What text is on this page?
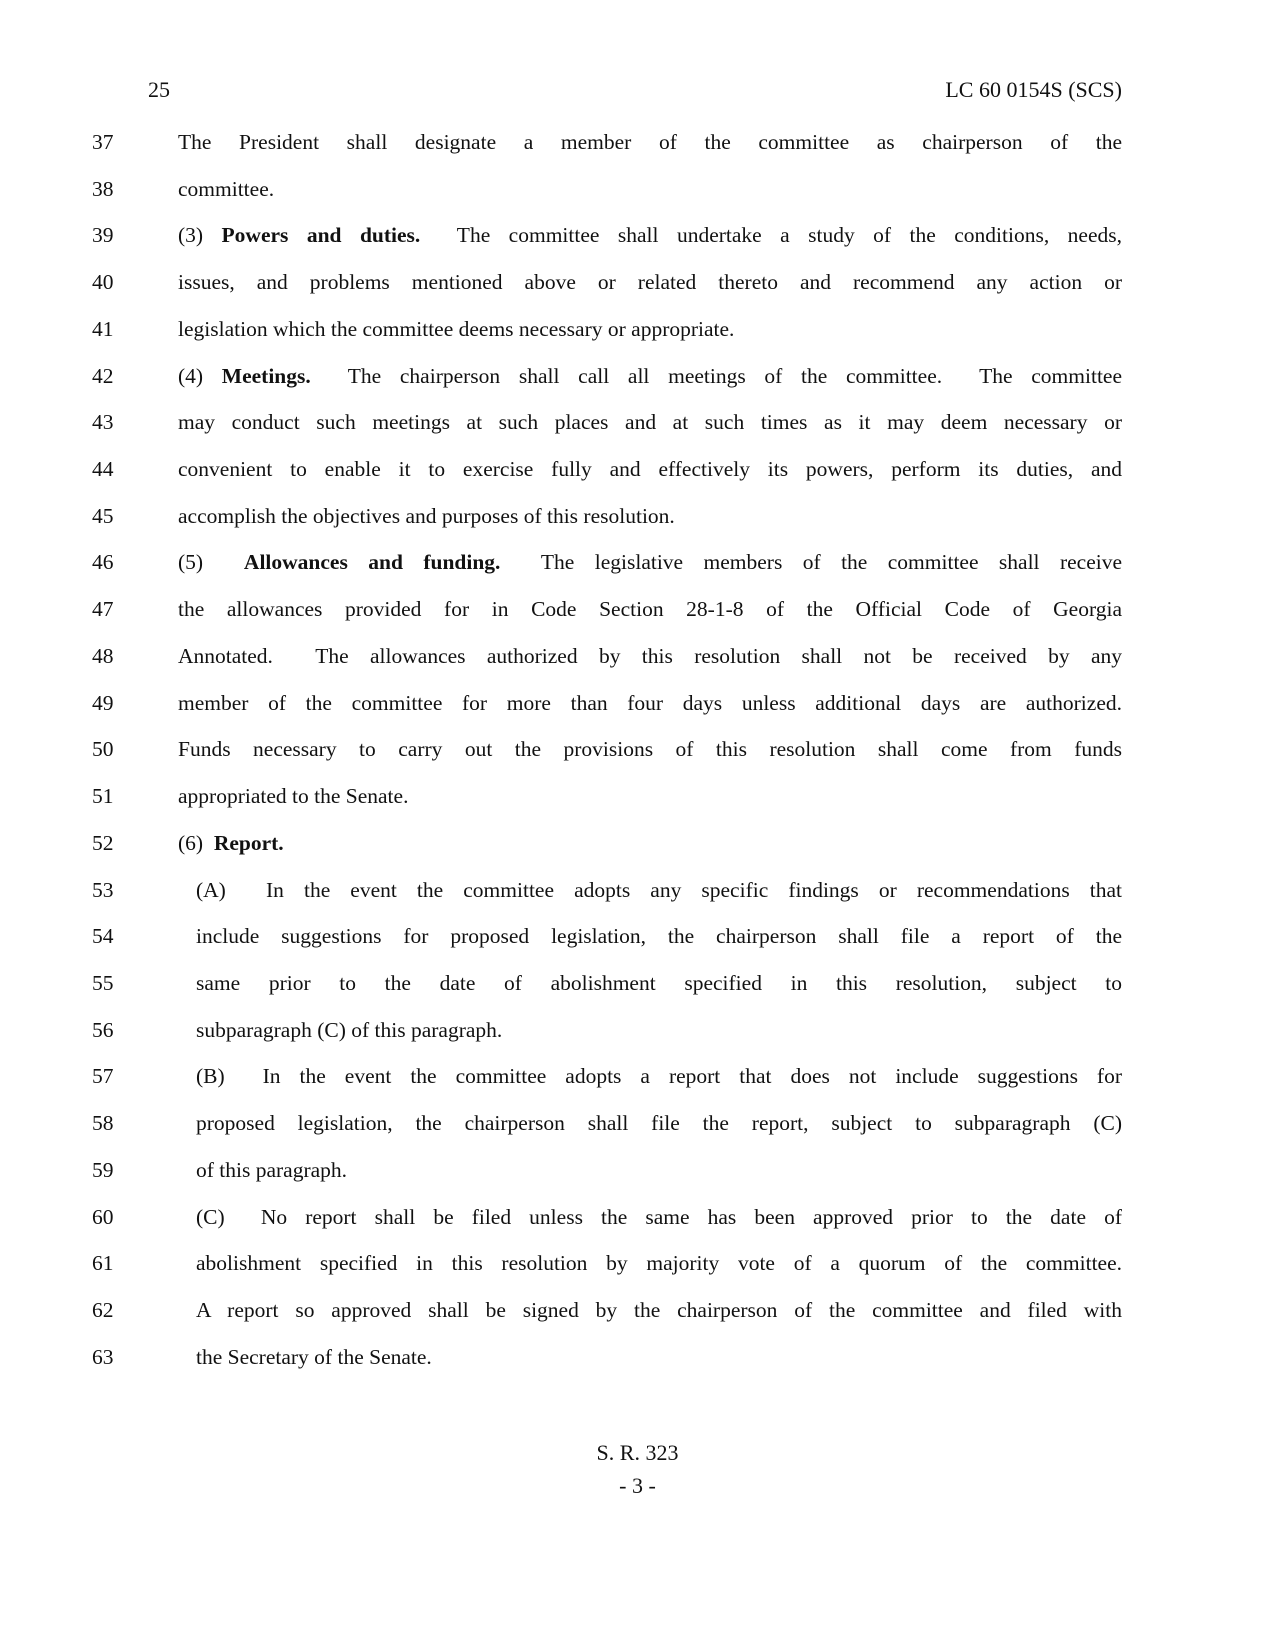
25	LC 60 0154S (SCS)
37	The President shall designate a member of the committee as chairperson of the
38	committee.
39	(3) Powers and duties.  The committee shall undertake a study of the conditions, needs,
40	issues, and problems mentioned above or related thereto and recommend any action or
41	legislation which the committee deems necessary or appropriate.
42	(4) Meetings.  The chairperson shall call all meetings of the committee.  The committee
43	may conduct such meetings at such places and at such times as it may deem necessary or
44	convenient to enable it to exercise fully and effectively its powers, perform its duties, and
45	accomplish the objectives and purposes of this resolution.
46	(5)  Allowances and funding.  The legislative members of the committee shall receive
47	the allowances provided for in Code Section 28-1-8 of the Official Code of Georgia
48	Annotated.  The allowances authorized by this resolution shall not be received by any
49	member of the committee for more than four days unless additional days are authorized.
50	Funds necessary to carry out the provisions of this resolution shall come from funds
51	appropriated to the Senate.
52	(6)  Report.
53	(A)  In the event the committee adopts any specific findings or recommendations that
54	include suggestions for proposed legislation, the chairperson shall file a report of the
55	same prior to the date of abolishment specified in this resolution, subject to
56	subparagraph (C) of this paragraph.
57	(B)  In the event the committee adopts a report that does not include suggestions for
58	proposed legislation, the chairperson shall file the report, subject to subparagraph (C)
59	of this paragraph.
60	(C)  No report shall be filed unless the same has been approved prior to the date of
61	abolishment specified in this resolution by majority vote of a quorum of the committee.
62	A report so approved shall be signed by the chairperson of the committee and filed with
63	the Secretary of the Senate.
S. R. 323
- 3 -
